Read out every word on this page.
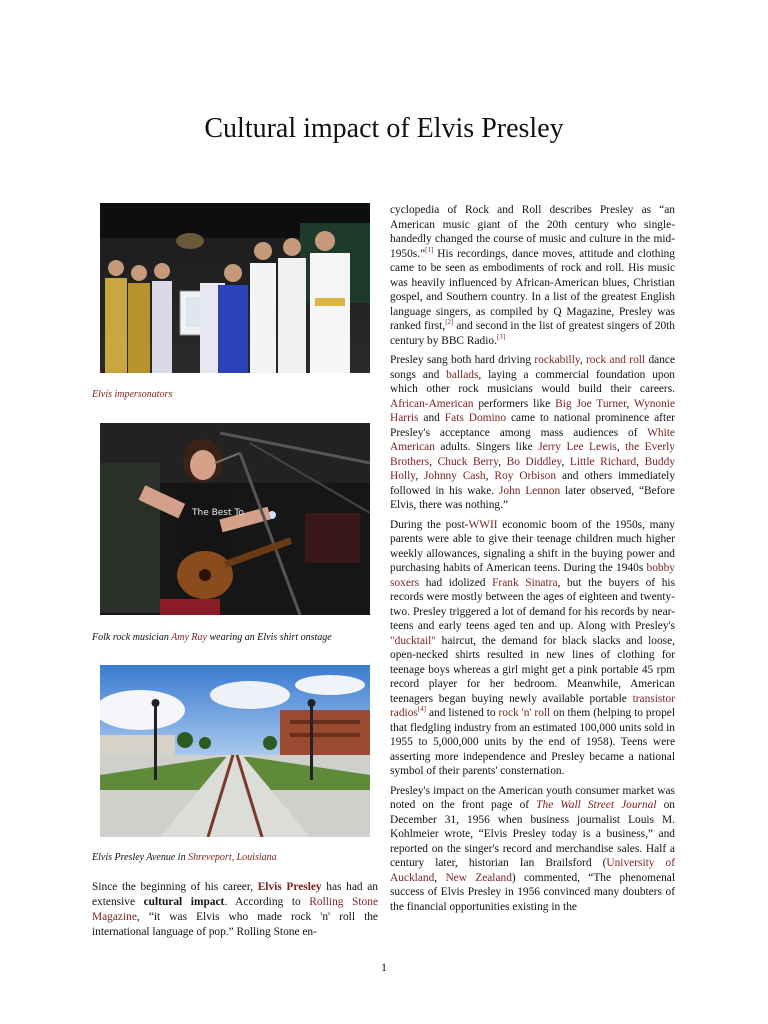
Cultural impact of Elvis Presley
Elvis impersonators
The Best To
Folk rock musician Amy Ray wearing an Elvis shirt onstage
Elvis Presley Avenue in Shreveport, Louisiana
Since the beginning of his career, Elvis Presley has had an extensive cultural impact. According to Rolling Stone Magazine, “it was Elvis who made rock 'n' roll the international language of pop.” Rolling Stone en-

cyclopedia of Rock and Roll describes Presley as “an American music giant of the 20th century who single-handedly changed the course of music and culture in the mid-1950s.”[1] His recordings, dance moves, attitude and clothing came to be seen as embodiments of rock and roll. His music was heavily influenced by African-American blues, Christian gospel, and Southern country. In a list of the greatest English language singers, as compiled by Q Magazine, Presley was ranked first,[2] and second in the list of greatest singers of 20th century by BBC Radio.[3]

Presley sang both hard driving rockabilly, rock and roll dance songs and ballads, laying a commercial foundation upon which other rock musicians would build their careers. African-American performers like Big Joe Turner, Wynonie Harris and Fats Domino came to national prominence after Presley's acceptance among mass audiences of White American adults. Singers like Jerry Lee Lewis, the Everly Brothers, Chuck Berry, Bo Diddley, Little Richard, Buddy Holly, Johnny Cash, Roy Orbison and others immediately followed in his wake. John Lennon later observed, “Before Elvis, there was nothing.”

During the post-WWII economic boom of the 1950s, many parents were able to give their teenage children much higher weekly allowances, signaling a shift in the buying power and purchasing habits of American teens. During the 1940s bobby soxers had idolized Frank Sinatra, but the buyers of his records were mostly between the ages of eighteen and twenty-two. Presley triggered a lot of demand for his records by near-teens and early teens aged ten and up. Along with Presley's "ducktail" haircut, the demand for black slacks and loose, open-necked shirts resulted in new lines of clothing for teenage boys whereas a girl might get a pink portable 45 rpm record player for her bedroom. Meanwhile, American teenagers began buying newly available portable transistor radios[4] and listened to rock 'n' roll on them (helping to propel that fledgling industry from an estimated 100,000 units sold in 1955 to 5,000,000 units by the end of 1958). Teens were asserting more independence and Presley became a national symbol of their parents' consternation.

Presley's impact on the American youth consumer market was noted on the front page of The Wall Street Journal on December 31, 1956 when business journalist Louis M. Kohlmeier wrote, “Elvis Presley today is a business,” and reported on the singer's record and merchandise sales. Half a century later, historian Ian Brailsford (University of Auckland, New Zealand) commented, “The phenomenal success of Elvis Presley in 1956 convinced many doubters of the financial opportunities existing in the

1
